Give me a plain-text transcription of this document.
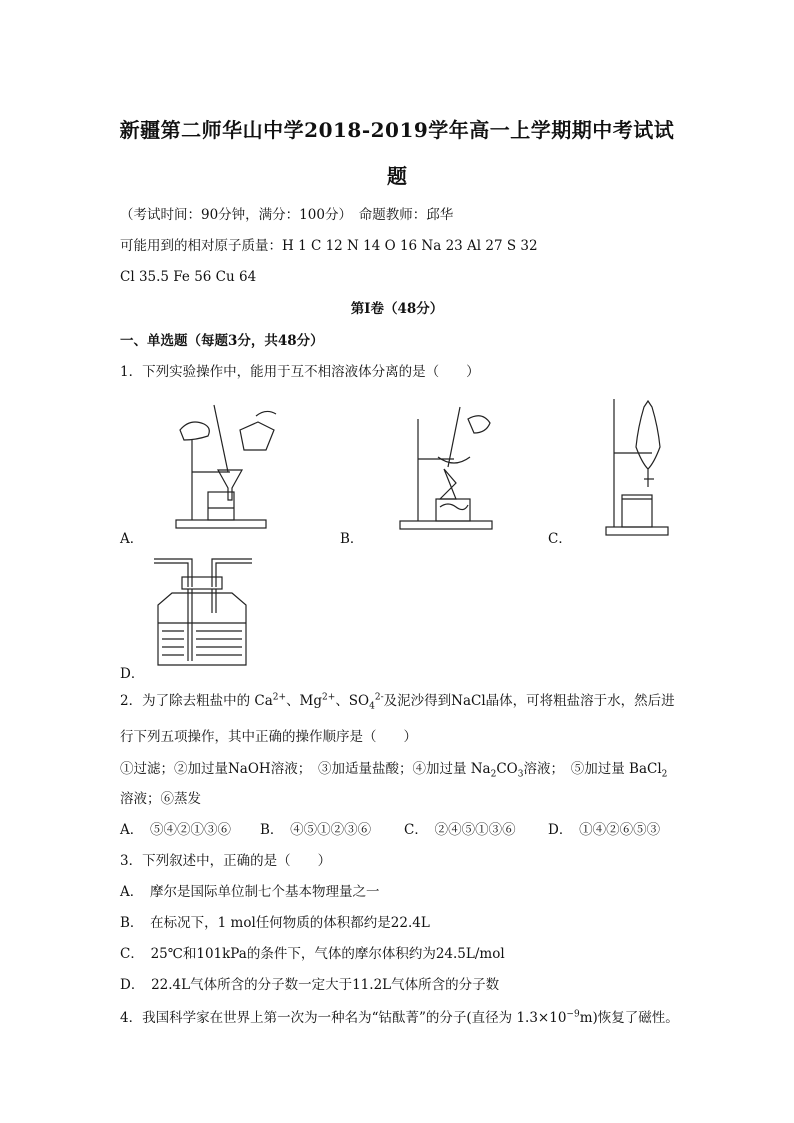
新疆第二师华山中学2018-2019学年高一上学期期中考试试
题
（考试时间：90分钟，满分：100分）　命题教师：邱华
可能用到的相对原子质量：H 1 C 12 N 14 O 16 Na 23 Al 27 S 32
Cl 35.5 Fe 56 Cu 64
第Ⅰ卷（48分）
一、单选题（每题3分，共48分）
1．下列实验操作中，能用于互不相溶液体分离的是（　　）
A．	B．	C．
D．
2．为了除去粗盐中的 $Ca^{2+}$、$Mg^{2+}$、$SO_4^{2-}$及泥沙得到NaCl晶体，可将粗盐溶于水，然后进
行下列五项操作，其中正确的操作顺序是（　　）
①过滤；②加过量NaOH溶液；　③加适量盐酸；④加过量 $Na_2CO_3$溶液；　⑤加过量 BaCl$_2$
溶液；⑥蒸发
A．　⑤④②①③⑥ B．　④⑤①②③⑥ C．　②④⑤①③⑥ D．　①④②⑥⑤③
3．下列叙述中，正确的是（　　）
A．　摩尔是国际单位制七个基本物理量之一
B．　在标况下，1 mol任何物质的体积都约是22.4L
C．　25℃和101kPa的条件下，气体的摩尔体积约为24.5L/mol
D．　22.4L气体所含的分子数一定大于11.2L气体所含的分子数
4．我国科学家在世界上第一次为一种名为“钴酞菁”的分子(直径为 $1.3\times 10^{-9}m$)恢复了磁性。
